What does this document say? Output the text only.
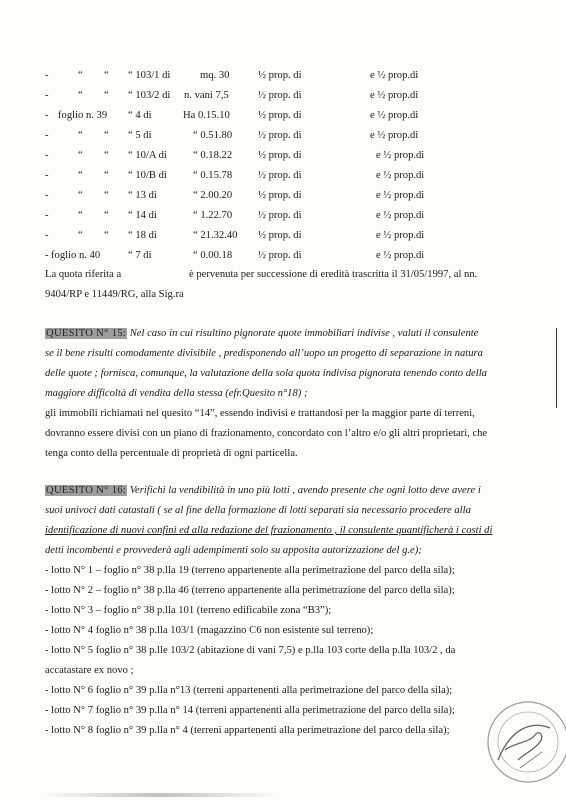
-	“ “ “ 103/1 di	mq. 30	½ prop. di	e ½ prop.di
-	“ “ “ 103/2 di n. vani 7,5	½ prop. di	e ½ prop.di
- foglio n. 39 “ 4 di	Ha 0.15.10	½ prop. di	e ½ prop.di
-	“ “ “ 5 di	“ 0.51.80 ½ prop. di	e ½ prop.di
-	“ “ “ 10/A di “ 0.18.22 ½ prop. di	e ½ prop.di
-	“ “ “ 10/B di “ 0.15.78 ½ prop. di	e ½ prop.di
-	“ “ “ 13 di	“ 2.00.20 ½ prop. di	e ½ prop.di
-	“ “ “ 14 di	“ 1.22.70 ½ prop. di	e ½ prop.di
-	“ “ “ 18 di	“ 21.32.40 ½ prop. di	e ½ prop.di
- foglio n. 40	“ 7 di	“ 0.00.18 ½ prop. di	e ½ prop.di
La quota riferita a	è pervenuta per successione di eredità trascritta il 31/05/1997, al nn.
9404/RP e 11449/RG, alla Sig.ra
QUESITO N° 15: Nel caso in cui risultino pignorate quote immobiliari indivise , valuti il consulente
se il bene risulti comodamente divisibile , predisponendo all’uopo un progetto di separazione in natura
delle quote ; fornisca, comunque, la valutazione della sola quota indivisa pignorata tenendo conto della
maggiore difficoltà di vendita della stessa (efr.Quesito n°18) ;
gli immobili richiamati nel quesito “14”, essendo indivisi e trattandosi per la maggior parte di terreni,
dovranno essere divisi con un piano di frazionamento, concordato con l’altro e/o gli altri proprietari, che
tenga conto della percentuale di proprietà di ogni particella.
QUESITO N° 16: Verifichi la vendibilità in uno più lotti , avendo presente che ogni lotto deve avere i
suoi univoci dati catastali ( se al fine della formazione di lotti separati sia necessario procedere alla
identificazione di nuovi confini ed alla redazione del frazionamento , il consulente quantificherà i costi di
detti incombenti e provvederà agli adempimenti solo su apposita autorizzazione del g.e);
- lotto N° 1 – foglio n° 38 p.lla 19 (terreno appartenente alla perimetrazione del parco della sila);
- lotto N° 2 – foglio n° 38 p.lla 46 (terreno appartenente alla perimetrazione del parco della sila);
- lotto N° 3 – foglio n° 38 p.lla 101 (terreno edificabile zona “B3”);
- lotto N° 4 foglio n° 38 p.lla 103/1 (magazzino C6 non esistente sul terreno);
- lotto N° 5 foglio n° 38 p.lle 103/2 (abitazione di vani 7,5) e p.lla 103 corte della p.lla 103/2 , da
accatastare ex novo ;
- lotto N° 6 foglio n° 39 p.lla n°13 (terreni appartenenti alla perimetrazione del parco della sila);
- lotto N° 7 foglio n° 39 p.lla n° 14 (terreni appartenenti alla perimetrazione del parco della sila);
- lotto N° 8 foglio n° 39 p.lla n° 4 (terreni appartenenti alla perimetrazione del parco della sila);
